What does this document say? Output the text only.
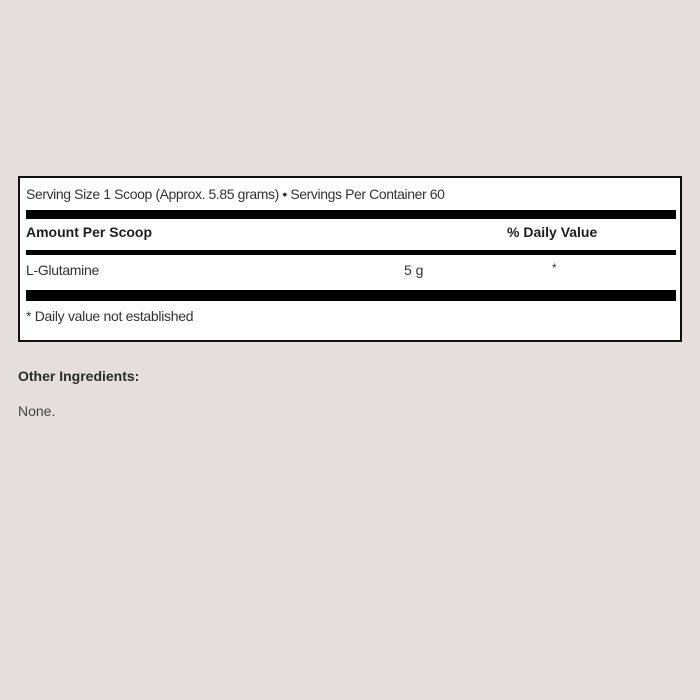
Serving Size 1 Scoop (Approx. 5.85 grams) • Servings Per Container 60
Amount Per Scoop	% Daily Value
L-Glutamine	5 g	*
* Daily value not established
Other Ingredients:
None.
